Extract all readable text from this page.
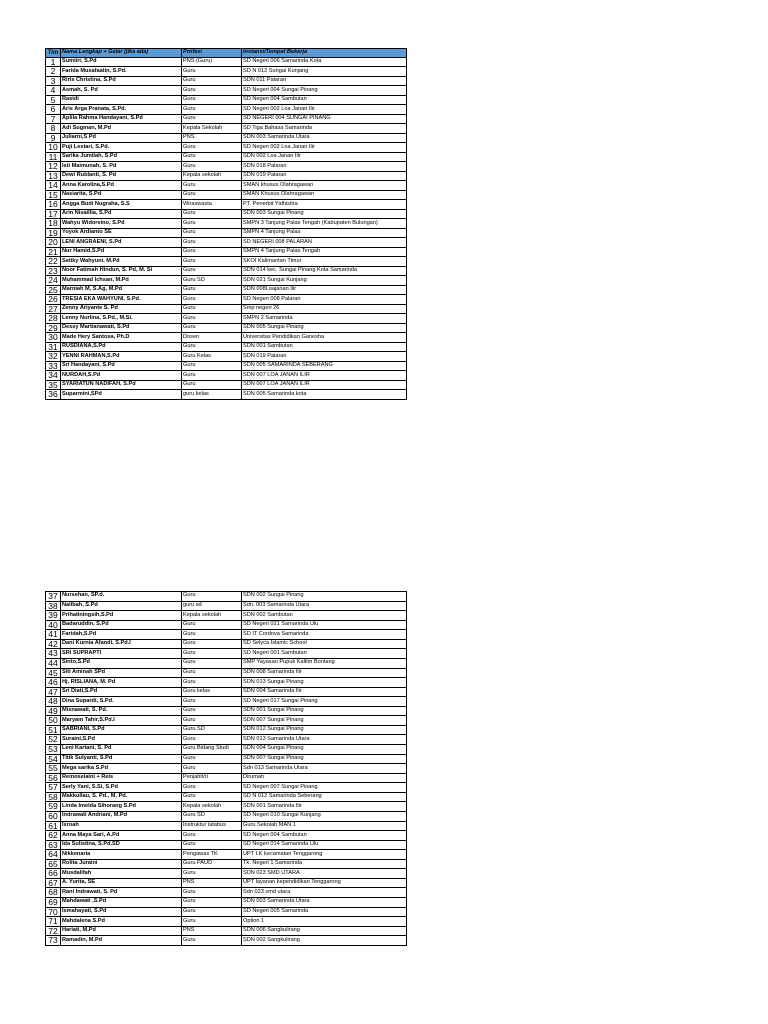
Tim	Nama Lengkap + Gelar (jika ada)	Profesi	Instansi/Tempat Bekerja
1	Sumiiri, S.Pd	PNS (Guru)	SD Negeri 006 Samarinda Kota
2	Farida Musafaatin, S.Pd.	Guru	SD N 012 Sungai Kunjang
3	Riris Christina, S.Pd	Guru	SDN 011 Palaran
4	Asmah, S. Pd	Guru	SD Negeri 004 Sungai Pinang
5	Rasidi	Guru	SD Negeri 004 Sambutan
6	Aris Arga Pranata, S.Pd.	Guru	SD Negeri 002 Loa Janan Ilir
7	Aplila Rahma Handayani, S.Pd	Guru	SD NEGERI 004 SUNGAI PINANG
8	Adi Sugman, M.Pd	Kepala Sekolah	SD Tiga Bahasa Samarinda
9	Juliarni,S Pd	PNS	SDN 003 Samarinda Utara
10	Puji Lestari, S.Pd.	Guru	SD Negeri 002 Loa Janan Ilir
11	Sarika Jumilah, S.Pd	Guru	SDN 002 Loa Janan Ilir
12	Isti Maimunah, S. Pd	Guru	SDN 018 Palaran
13	Dewi Rublanti, S. Pd	Kepala sekolah	SDN 019 Palaran
14	Anna Karolina,S.Pd	Guru	SMAN khusus Olahragawan
15	Nasiarita, S.Pd	Guru	SMAN Khusus Olahragawan
16	Angga Budi Nugraha, S.S	Wiraswasta	PT. Penerbit Yidhistira
17	Arin Nisaillia, S.Pd	Guru	SDN 003 Sungai Pinang
18	Wahyu Widoreino, S.Pd	Guru	SMPN 3 Tanjung Palas Tengah (Kabupaten Bulungan)
19	Yoyok Ardianto SE	Guru	SMPN 4 Tanjung Palas
20	LENI ANGRAENI, S.Pd	Guru	SD NEGERI 008 PALARAN
21	Nur Hamid,S.Pd	Guru	SMPN 4 Tanjung Palas Tengah
22	Setiky Wahyuni, M.Pd	Guru	SKOI Kalimantan Timur
23	Noor Fatimah Hindun, S. Pd, M. Si	Guru	SDN 014 kec. Sungai Pinang Kota Samarinda
24	Muhammad Ichsan, M.Pd	Guru SD	SDN 021 Sungai Kunjang
25	Marniah M, S.Ag, M.Pd	Guru	SDN 008Loajanan Ilir
26	TRESIA EKA WAHYUNI, S.Pd.	Guru	SD Negeri 008 Palaran
27	Zenny Ariyante S. Pd	Guru	Smp negeri 26
28	Lenny Nurlina, S.Pd., M.Si.	Guru	SMPN 2 Samarinda
29	Dessy Martianawati, S.Pd	Guru	SDN 005 Sungai Pinang
30	Made Hery Santosa, Ph.D	Dosen	Universitas Pendidikan Ganesha
31	RUSDIANA,S.Pd	Guru	SDN 001 Sambutan
32	YENNI RAHMAN,S.Pd	Guru Kelas	SDN 019 Palaran
33	Sri Handayani, S.Pd	Guru	SDN 005 SAMARINDA SEBERANG
34	NURDAH,S.Pd	Guru	SDN 007 LOA JANAN ILIR
35	SYARIATUN NADIFAH, S.Pd	Guru	SDN 007 LOA JANAN ILIR
36	Suparmini,SPd	guru kelas	SDN 005 Samarinda kota
37	Nursehan, SP.d.	Guru	SDN 002 Sungai Pinang
38	Nalibah, S.Pd	guru sd	Sdn. 003 Samarinda Utara
39	Prihatiningsih,S.Pd	Kepala sekolah	SDN 002 Sambutan
40	Badaruddin, S.Pd	Guru	SD Negeri 021 Samarinda Ulu
41	Faridah,S.Pd	Guru	SD IT Cordova Samarinda
42	Dani Kurnia Afandi, S.Pd.I	Guru	SD Selyca Islamic School
43	SRI SUPRAPTI	Guru	SD Negeri 001 Sambutan
44	Sinto,S.Pd	Guru	SMP Yayasan Pupuk Kaltim Bontang
45	Siti Aminah SPd	Guru	SDN 008 Samarinda Ilir
46	Hj. RISLIANA, M. Pd	Guru	SDN 013 Sungai Pinang
47	Sri Diati,S.Pd	Guru kelas	SDN 004 Samarinda Ilir
48	Dina Supardi, S.Pd.	Guru	SD Negeri 017 Sungai Pinang
49	Misnawati, S. Pd.	Guru	SDN 001 Sungai Pinang
50	Maryam Tahir,S.Pd.I	Guru	SDN 007 Sungai Pinang
51	SABRIANI, S.Pd	Guru SD	SDN 012 Sungai Pinang
52	Suraini,S.Pd	Guru	SDN 013 Samarinda Utara
53	Leni Kartani, S. Pd	Guru Bidang Studi	SDN 004 Sungai Pinang
54	Titik Sulyanti, S.Pd	Guru	SDN 007 Sungai Pinang
55	Mega sarika S.Pd	Guru	Sdn 013 Samarinda Utara
56	Reinoselaini + Reis	Penjahit/ri	Dirumah
57	Serly Yani, S.Si, S.Pd	Guru	SD Negeri 007 Sungai Pinang
58	Makkullau, S. Pd., M. Pd.	Guru	SD N 012 Samarinda Seberang
59	Linda Imelda Sihorang S.Pd	Kepala sekolah	SDN 001 Samarinda Ilir
60	Indrawati Andriani, M.Pd	Guru SD	SD Negeri 010 Sungai Kunjang
61	Isroah	Instruktur latabus	Guru Sekolah MAN 1
62	Anna Maya Sari, A.Pd	Guru	SD Negeri 004 Sambutan
63	Ida Sulistina, S.Pd.SD	Guru	SD Negeri 014 Samarinda Ulu
64	Nikkenaria	Pengawas TK	UPT LK kecamatan Tenggarong
65	Rolita Juraini	Guru PAUD	Tk. Negeri 1 Samarinda
66	Musdalifah	Guru	SDN 023 SMD UTARA
67	A. Yurita, SE	PNS	UPT layanan kependidikan Tenggarong
68	Rani Indrawati, S. Pd	Guru	Sdn 023 smd utara
69	Mahdawati ,S.Pd	Guru	SDN 003 Samarinda Utara
70	Ismahayati, S.Pd	Guru	SD Negeri 005 Samarinda
71	Mahdalena S.Pd	Guru	Option 1
72	Hariati, M.Pd	PNS	SDN 006 Sangkulirang
73	Ramadin, M.Pd	Guru	SDN 002 Sangkulirang
